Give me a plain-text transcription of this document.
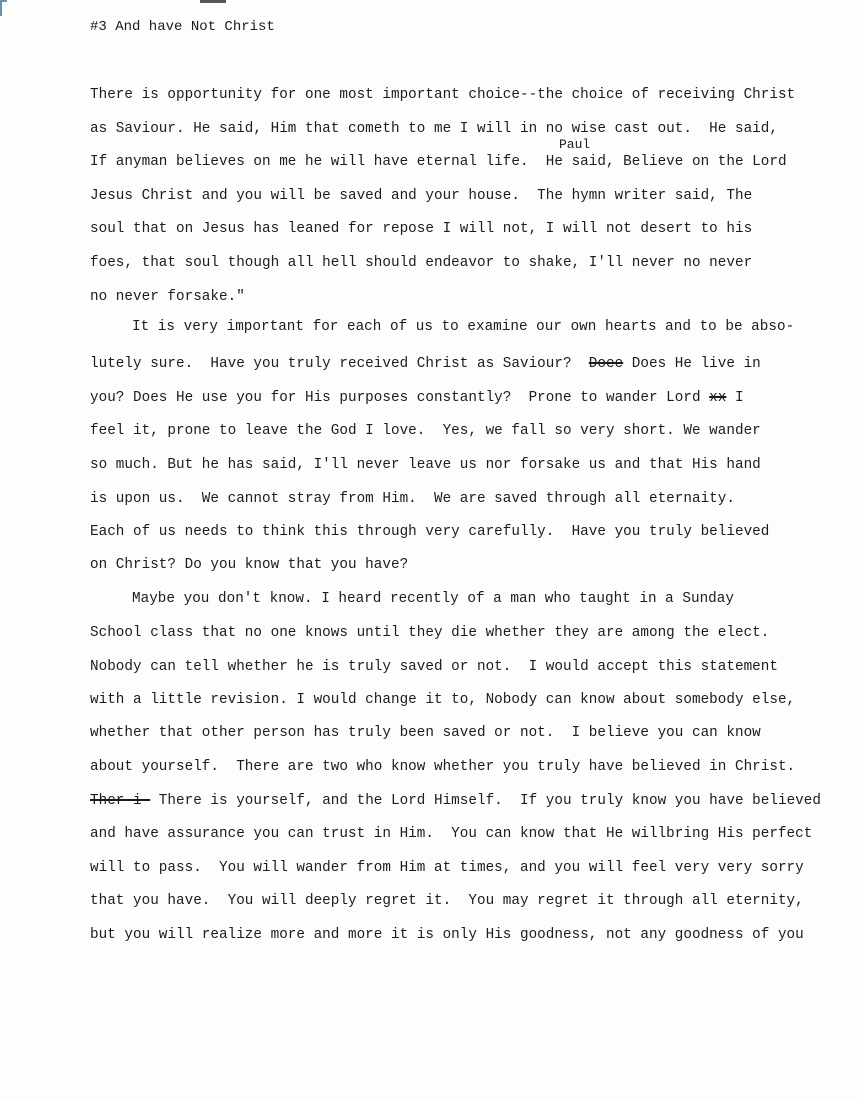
#3 And have Not Christ
There is opportunity for one most important choice--the choice of receiving Christ
as Saviour. He said, Him that cometh to me I will in no wise cast out.  He said,
Paul
If anyman believes on me he will have eternal life.  He said, Believe on the Lord
Jesus Christ and you will be saved and your house.  The hymn writer said, The
soul that on Jesus has leaned for repose I will not, I will not desert to his
foes, that soul though all hell should endeavor to shake, I'll never no never
no never forsake."
It is very important for each of us to examine our own hearts and to be abso-
lutely sure.  Have you truly received Christ as Saviour?  Doee Does He live in
you? Does He use you for His purposes constantly?  Prone to wander Lord xx I
feel it, prone to leave the God I love.  Yes, we fall so very short. We wander
so much. But he has said, I'll never leave us nor forsake us and that His hand
is upon us.  We cannot stray from Him.  We are saved through all eternaity.
Each of us needs to think this through very carefully.  Have you truly believed
on Christ? Do you know that you have?
Maybe you don't know. I heard recently of a man who taught in a Sunday
School class that no one knows until they die whether they are among the elect.
Nobody can tell whether he is truly saved or not.  I would accept this statement
with a little revision. I would change it to, Nobody can know about somebody else,
whether that other person has truly been saved or not.  I believe you can know
about yourself.  There are two who know whether you truly have believed in Christ.
Ther-i- There is yourself, and the Lord Himself.  If you truly know you have believed
and have assurance you can trust in Him.  You can know that He willbring His perfect
will to pass.  You will wander from Him at times, and you will feel very very sorry
that you have.  You will deeply regret it.  You may regret it through all eternity,
but you will realize more and more it is only His goodness, not any goodness of you
